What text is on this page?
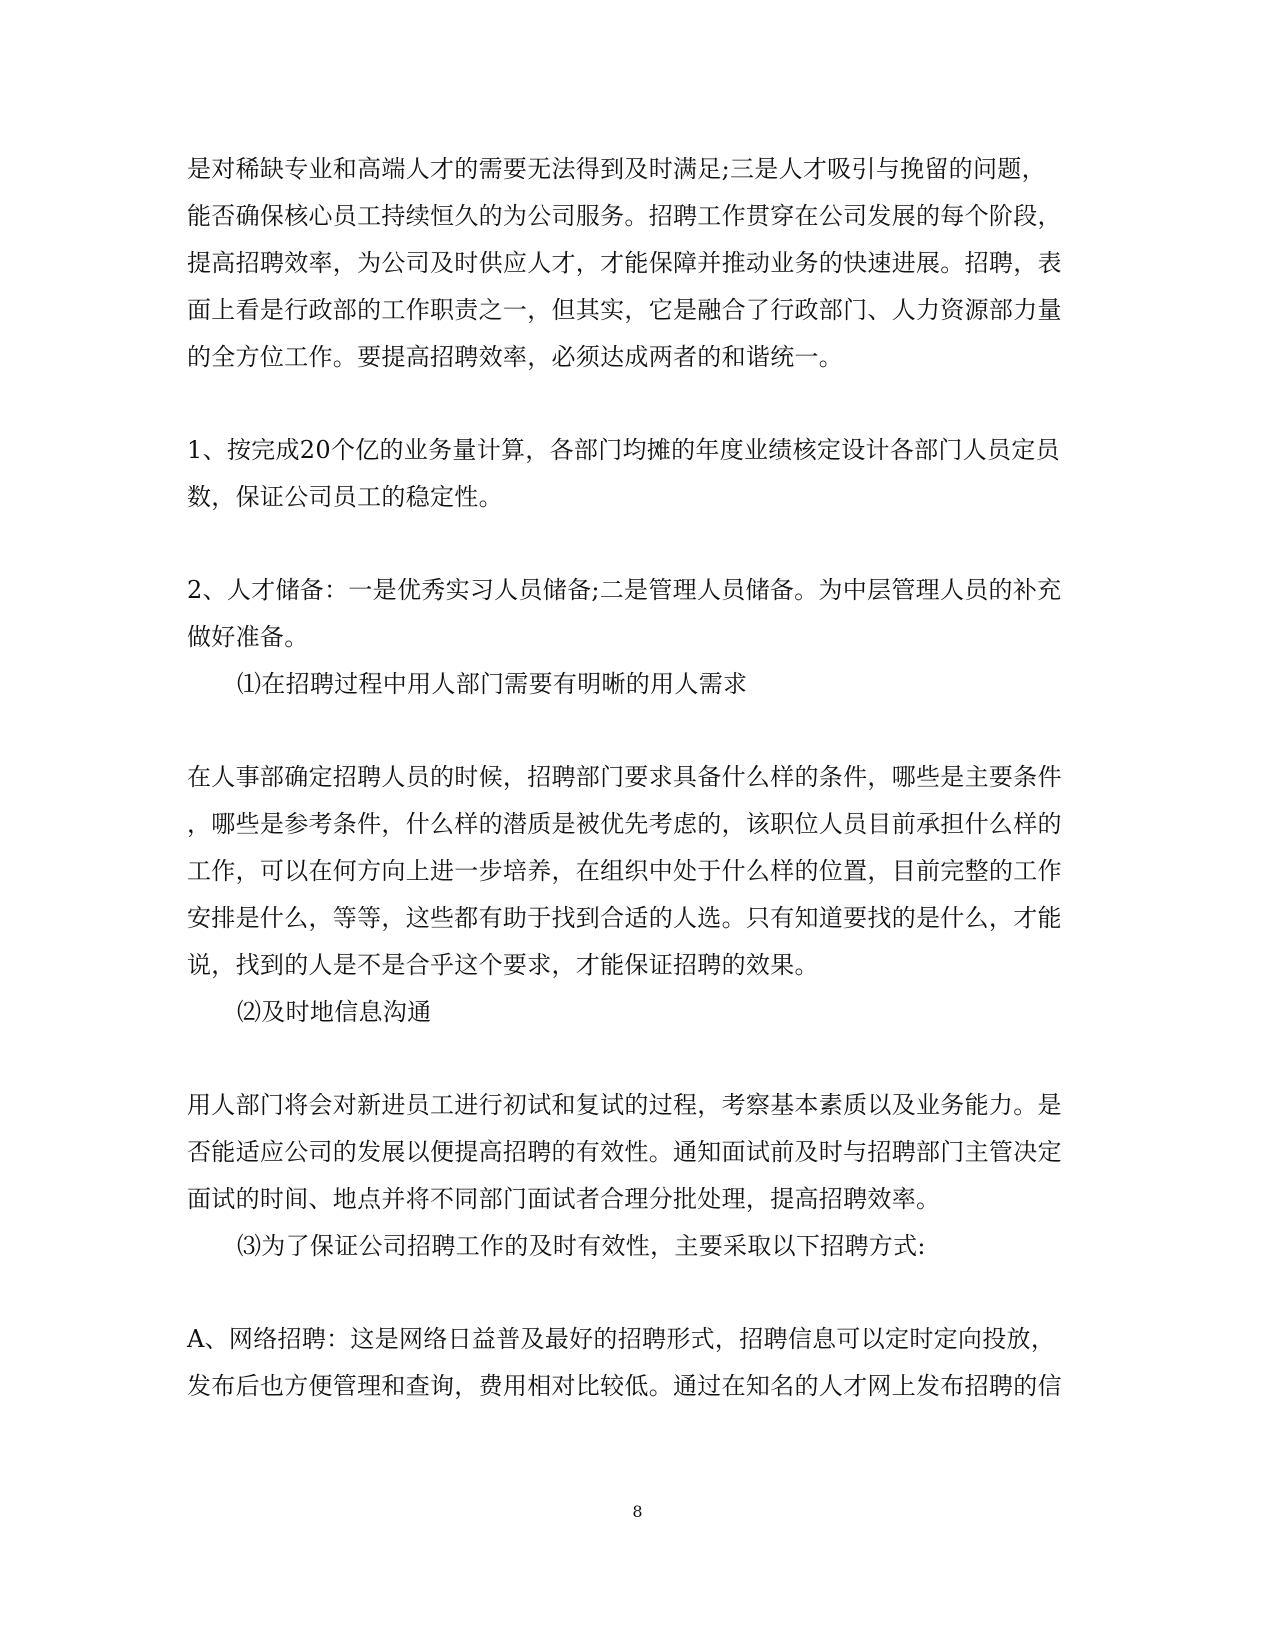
是对稀缺专业和高端人才的需要无法得到及时满足;三是人才吸引与挽留的问题，
能否确保核心员工持续恒久的为公司服务。招聘工作贯穿在公司发展的每个阶段，
提高招聘效率，为公司及时供应人才，才能保障并推动业务的快速进展。招聘，表
面上看是行政部的工作职责之一，但其实，它是融合了行政部门、人力资源部力量
的全方位工作。要提高招聘效率，必须达成两者的和谐统一。
1、按完成20个亿的业务量计算，各部门均摊的年度业绩核定设计各部门人员定员
数，保证公司员工的稳定性。
2、人才储备：一是优秀实习人员储备;二是管理人员储备。为中层管理人员的补充
做好准备。
⑴在招聘过程中用人部门需要有明晰的用人需求
在人事部确定招聘人员的时候，招聘部门要求具备什么样的条件，哪些是主要条件
，哪些是参考条件，什么样的潜质是被优先考虑的，该职位人员目前承担什么样的
工作，可以在何方向上进一步培养，在组织中处于什么样的位置，目前完整的工作
安排是什么，等等，这些都有助于找到合适的人选。只有知道要找的是什么，才能
说，找到的人是不是合乎这个要求，才能保证招聘的效果。
⑵及时地信息沟通
用人部门将会对新进员工进行初试和复试的过程，考察基本素质以及业务能力。是
否能适应公司的发展以便提高招聘的有效性。通知面试前及时与招聘部门主管决定
面试的时间、地点并将不同部门面试者合理分批处理，提高招聘效率。
⑶为了保证公司招聘工作的及时有效性，主要采取以下招聘方式:
A、网络招聘：这是网络日益普及最好的招聘形式，招聘信息可以定时定向投放，
发布后也方便管理和查询，费用相对比较低。通过在知名的人才网上发布招聘的信
8
